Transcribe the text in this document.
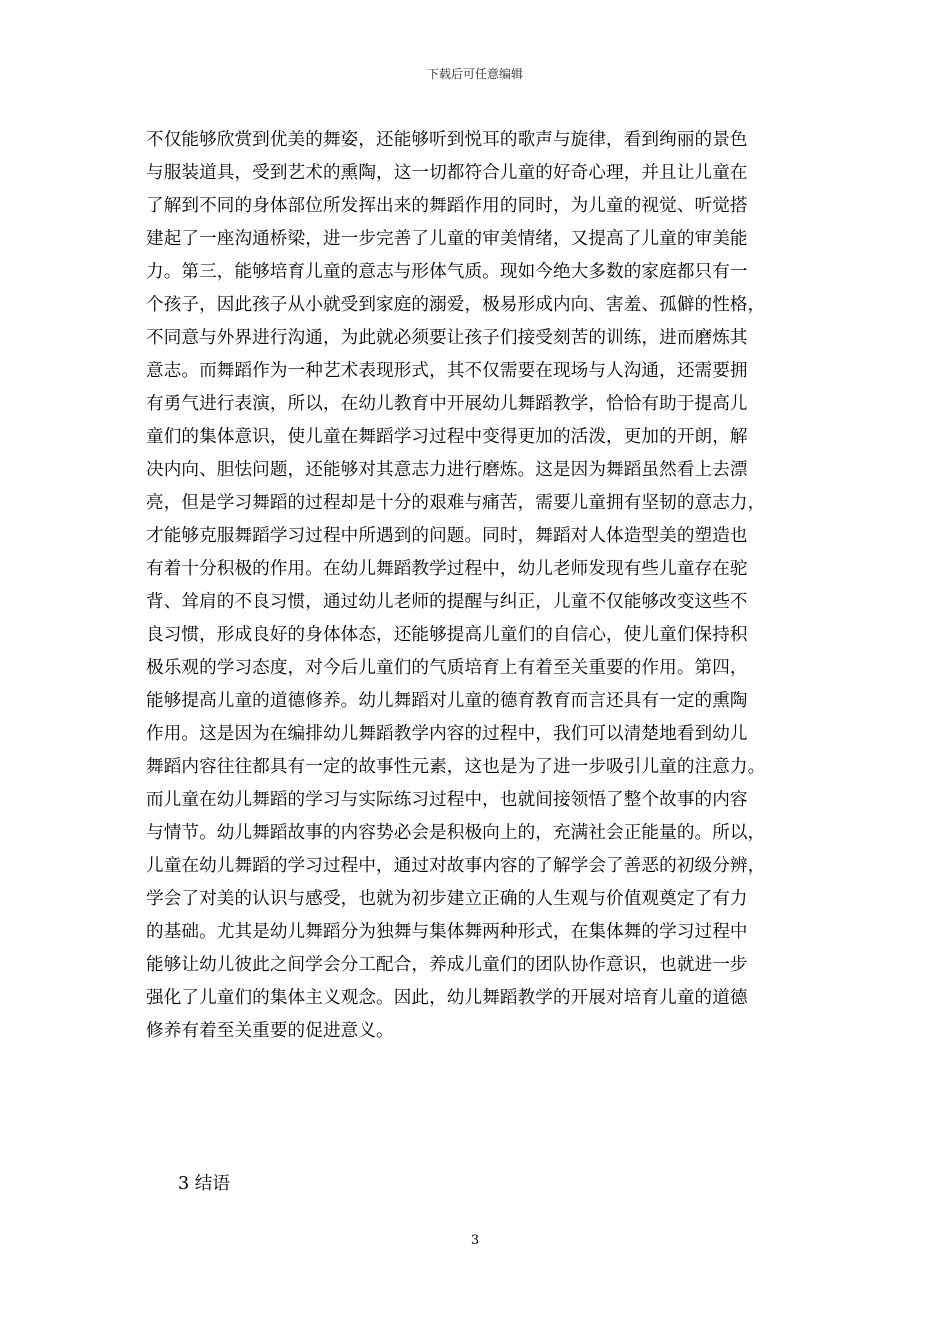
下载后可任意编辑
不仅能够欣赏到优美的舞姿，还能够听到悦耳的歌声与旋律，看到绚丽的景色
与服装道具，受到艺术的熏陶，这一切都符合儿童的好奇心理，并且让儿童在
了解到不同的身体部位所发挥出来的舞蹈作用的同时，为儿童的视觉、听觉搭
建起了一座沟通桥梁，进一步完善了儿童的审美情绪，又提高了儿童的审美能
力。第三，能够培育儿童的意志与形体气质。现如今绝大多数的家庭都只有一
个孩子，因此孩子从小就受到家庭的溺爱，极易形成内向、害羞、孤僻的性格，
不同意与外界进行沟通，为此就必须要让孩子们接受刻苦的训练，进而磨炼其
意志。而舞蹈作为一种艺术表现形式，其不仅需要在现场与人沟通，还需要拥
有勇气进行表演，所以，在幼儿教育中开展幼儿舞蹈教学，恰恰有助于提高儿
童们的集体意识，使儿童在舞蹈学习过程中变得更加的活泼，更加的开朗，解
决内向、胆怯问题，还能够对其意志力进行磨炼。这是因为舞蹈虽然看上去漂
亮，但是学习舞蹈的过程却是十分的艰难与痛苦，需要儿童拥有坚韧的意志力，
才能够克服舞蹈学习过程中所遇到的问题。同时，舞蹈对人体造型美的塑造也
有着十分积极的作用。在幼儿舞蹈教学过程中，幼儿老师发现有些儿童存在驼
背、耸肩的不良习惯，通过幼儿老师的提醒与纠正，儿童不仅能够改变这些不
良习惯，形成良好的身体体态，还能够提高儿童们的自信心，使儿童们保持积
极乐观的学习态度，对今后儿童们的气质培育上有着至关重要的作用。第四，
能够提高儿童的道德修养。幼儿舞蹈对儿童的德育教育而言还具有一定的熏陶
作用。这是因为在编排幼儿舞蹈教学内容的过程中，我们可以清楚地看到幼儿
舞蹈内容往往都具有一定的故事性元素，这也是为了进一步吸引儿童的注意力。
而儿童在幼儿舞蹈的学习与实际练习过程中，也就间接领悟了整个故事的内容
与情节。幼儿舞蹈故事的内容势必会是积极向上的，充满社会正能量的。所以，
儿童在幼儿舞蹈的学习过程中，通过对故事内容的了解学会了善恶的初级分辨，
学会了对美的认识与感受，也就为初步建立正确的人生观与价值观奠定了有力
的基础。尤其是幼儿舞蹈分为独舞与集体舞两种形式，在集体舞的学习过程中
能够让幼儿彼此之间学会分工配合，养成儿童们的团队协作意识，也就进一步
强化了儿童们的集体主义观念。因此，幼儿舞蹈教学的开展对培育儿童的道德
修养有着至关重要的促进意义。
3 结语
3
